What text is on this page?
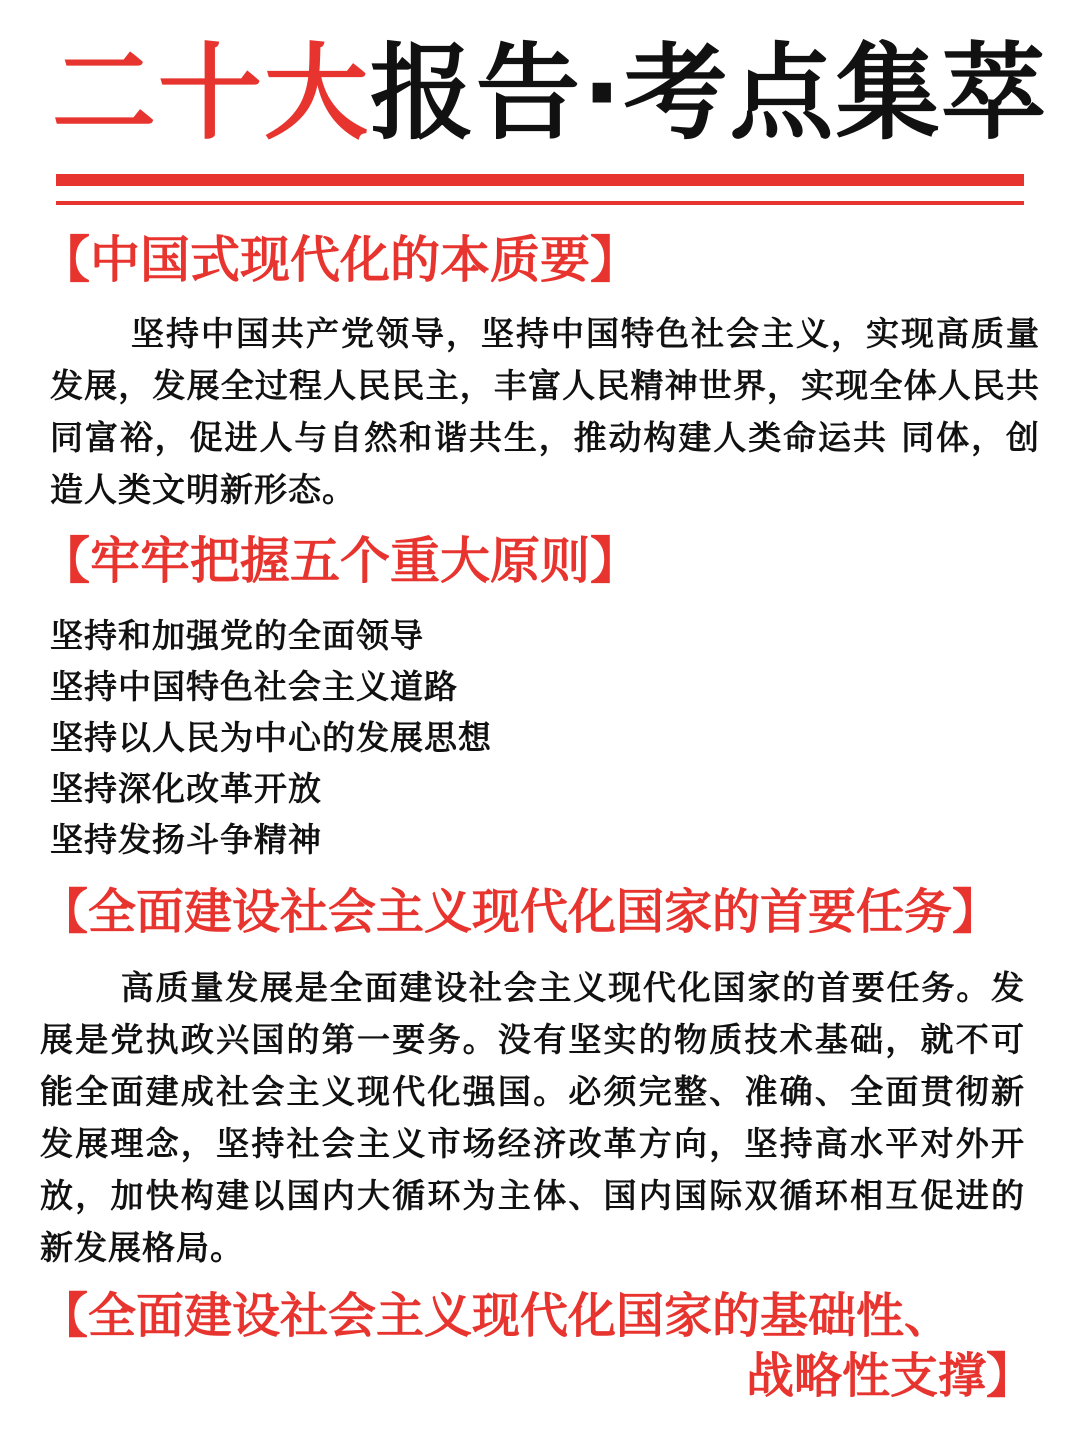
二十大报告·考点集萃
【中国式现代化的本质要】
坚持中国共产党领导，坚持中国特色社会主义，实现高质量发展，发展全过程人民民主，丰富人民精神世界，实现全体人民共同富裕，促进人与自然和谐共生，推动构建人类命运共 同体，创造人类文明新形态。
【牢牢把握五个重大原则】
坚持和加强党的全面领导
坚持中国特色社会主义道路
坚持以人民为中心的发展思想
坚持深化改革开放
坚持发扬斗争精神
【全面建设社会主义现代化国家的首要任务】
高质量发展是全面建设社会主义现代化国家的首要任务。发展是党执政兴国的第一要务。没有坚实的物质技术基础，就不可能全面建成社会主义现代化强国。必须完整、准确、全面贯彻新发展理念，坚持社会主义市场经济改革方向，坚持高水平对外开放，加快构建以国内大循环为主体、国内国际双循环相互促进的新发展格局。
【全面建设社会主义现代化国家的基础性、
战略性支撑】
